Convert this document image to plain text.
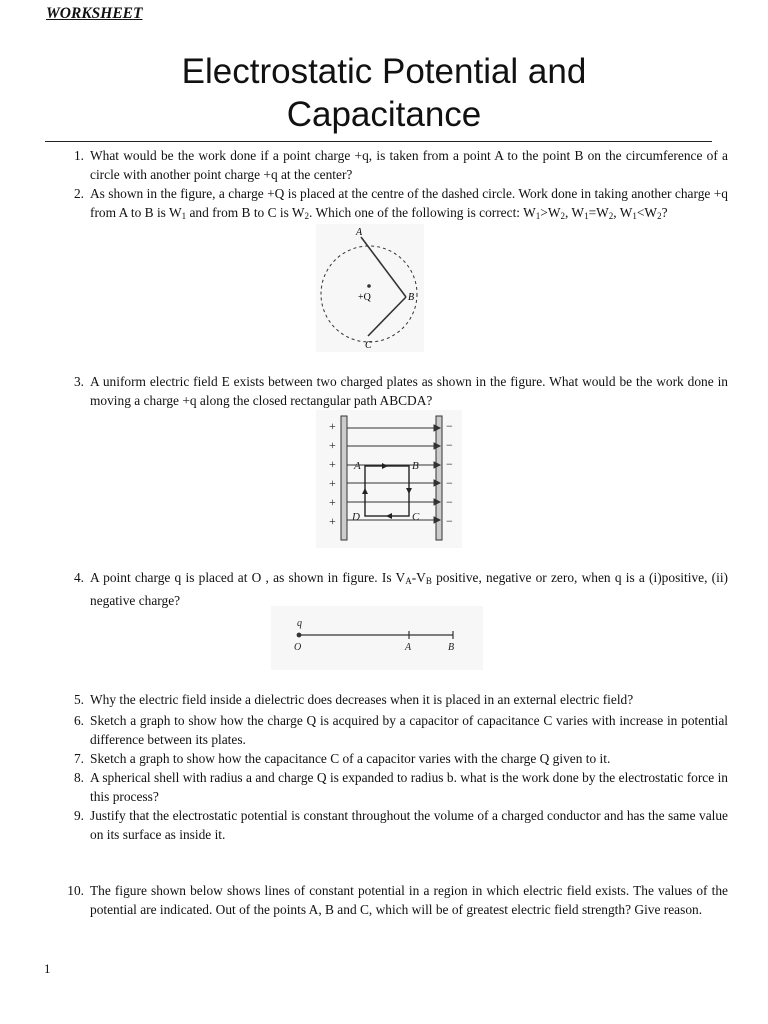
WORKSHEET
Electrostatic Potential and
Capacitance
1. What would be the work done if a point charge +q, is taken from a point A to the point B on the circumference of a circle with another point charge +q at the center?
2. As shown in the figure, a charge +Q is placed at the centre of the dashed circle. Work done in taking another charge +q from A to B is $W_1$ and from B to C is $W_2$. Which one of the following is correct: $W_1>W_2$, $W_1=W_2$, $W_1<W_2$?
A
B
C
+Q
3. A uniform electric field E exists between two charged plates as shown in the figure. What would be the work done in moving a charge +q along the closed rectangular path ABCDA?
+
+
+
+
+
+
−
−
−
−
−
−
A	B
C
D
4. A point charge q is placed at O , as shown in figure. Is $V_A-V_B$ positive, negative or zero, when q is a (i)positive, (ii) negative charge?
q
O	A	B
5. Why the electric field inside a dielectric does decreases when it is placed in an external electric field?
6. Sketch a graph to show how the charge Q is acquired by a capacitor of capacitance C varies with increase in potential difference between its plates.
7. Sketch a graph to show how the capacitance C of a capacitor varies with the charge Q given to it.
8. A spherical shell with radius a and charge Q is expanded to radius b. what is the work done by the electrostatic force in this process?
9. Justify that the electrostatic potential is constant throughout the volume of a charged conductor and has the same value on its surface as inside it.
10. The figure shown below shows lines of constant potential in a region in which electric field exists. The values of the potential are indicated. Out of the points A, B and C, which will be of greatest electric field strength? Give reason.
1
